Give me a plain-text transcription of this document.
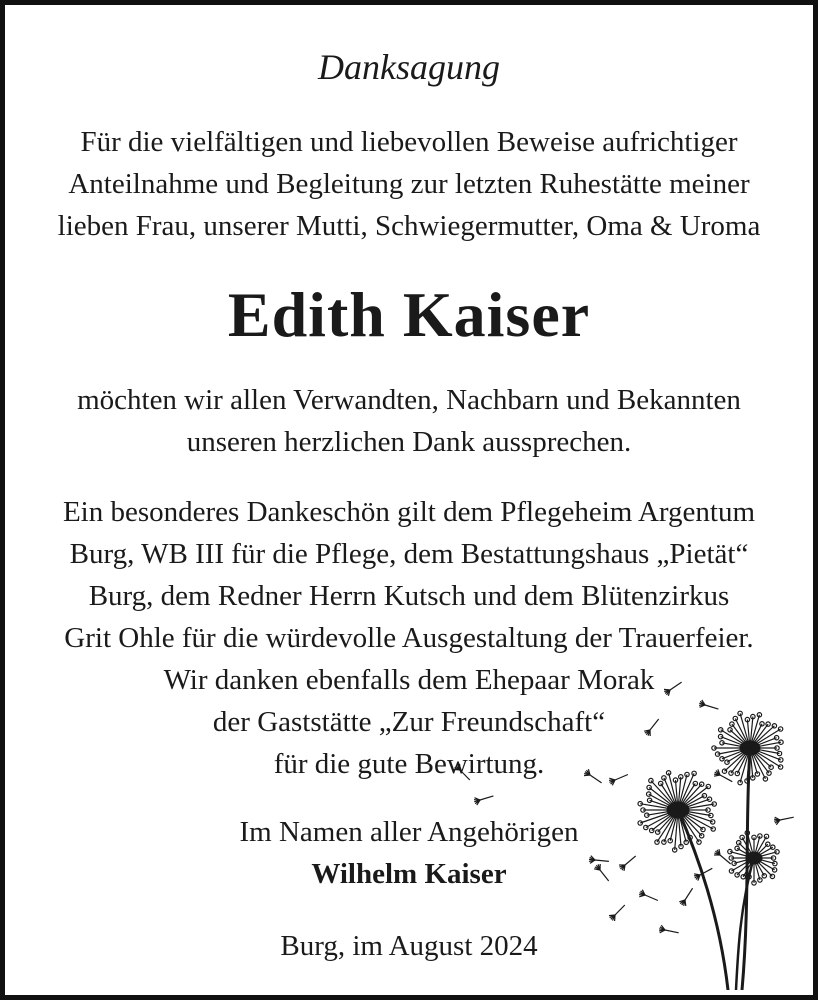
Danksagung
Für die vielfältigen und liebevollen Beweise aufrichtiger
Anteilnahme und Begleitung zur letzten Ruhestätte meiner
lieben Frau, unserer Mutti, Schwiegermutter, Oma & Uroma
Edith Kaiser
möchten wir allen Verwandten, Nachbarn und Bekannten
unseren herzlichen Dank aussprechen.
Ein besonderes Dankeschön gilt dem Pflegeheim Argentum
Burg, WB III für die Pflege, dem Bestattungshaus „Pietät“
Burg, dem Redner Herrn Kutsch und dem Blütenzirkus
Grit Ohle für die würdevolle Ausgestaltung der Trauerfeier.
Wir danken ebenfalls dem Ehepaar Morak
der Gaststätte „Zur Freundschaft“
für die gute Bewirtung.
Im Namen aller Angehörigen
Wilhelm Kaiser
Burg, im August 2024
